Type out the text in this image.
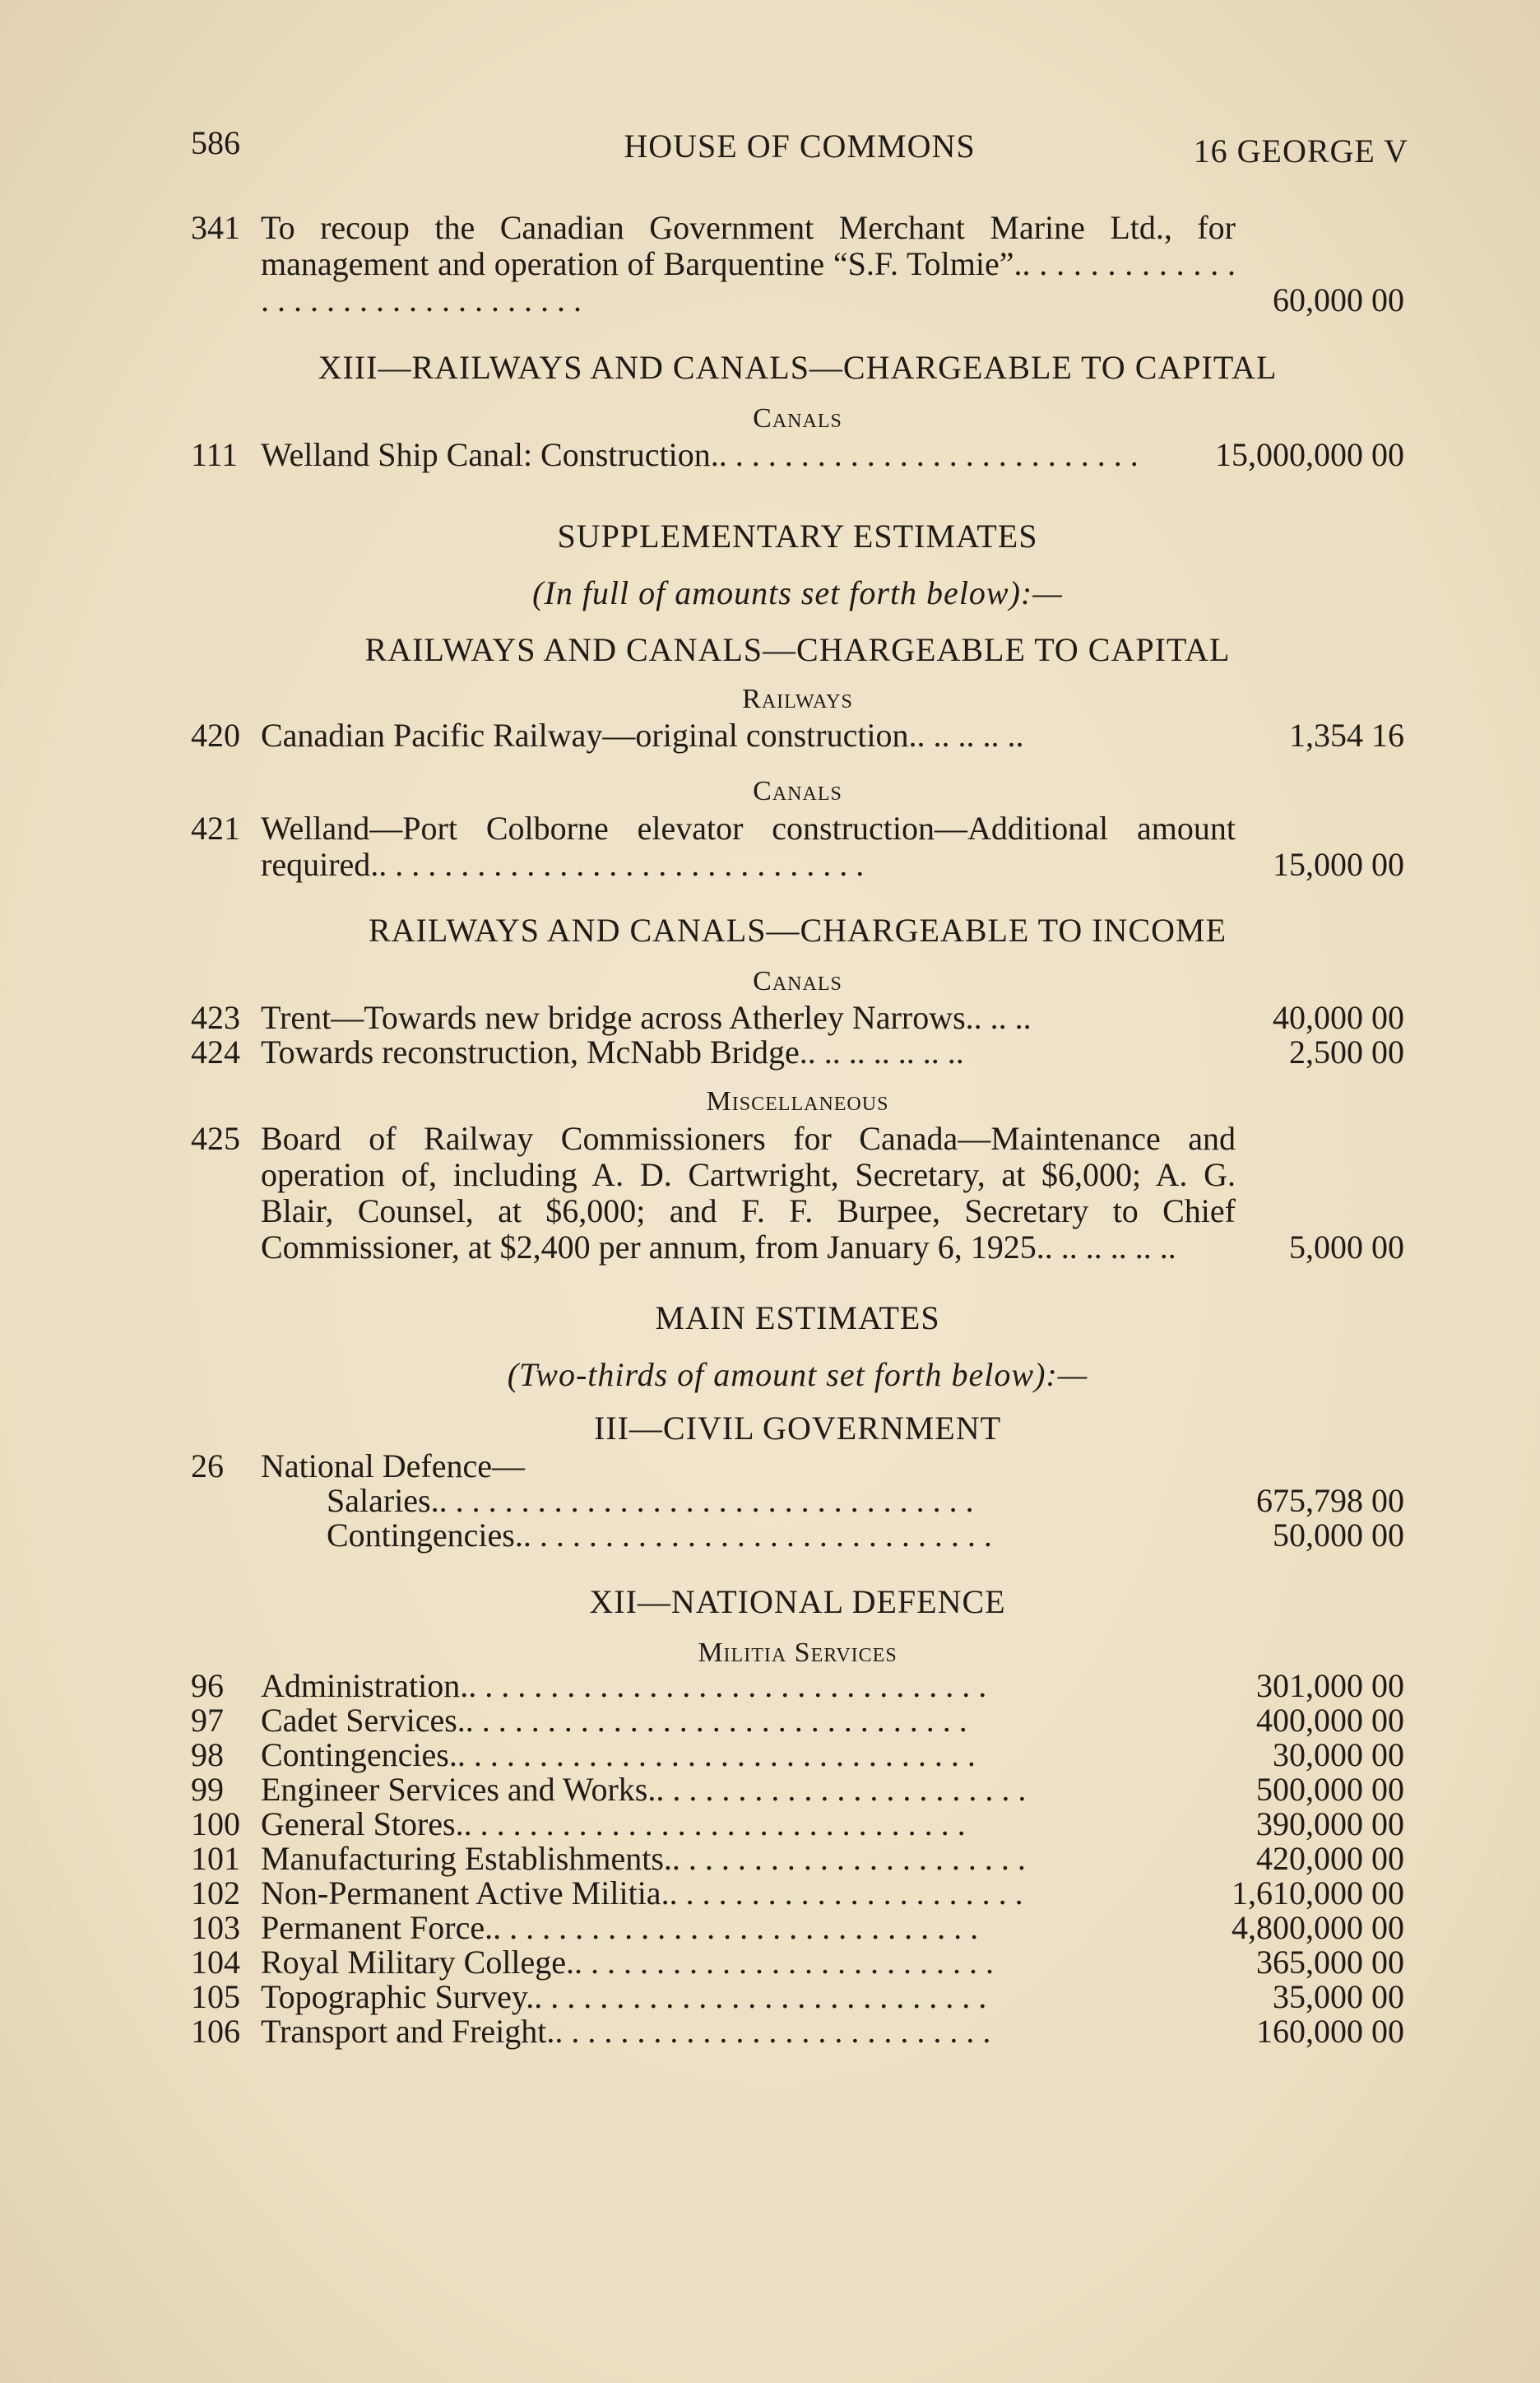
586	HOUSE OF COMMONS	16 GEORGE V
341 To recoup the Canadian Government Merchant Marine Ltd., for management and operation of Barquentine “S.F. Tolmie”.. . . . . . . . . . . . . . . . . . . . . . . . . . . . . . . . .	60,000 00
XIII—RAILWAYS AND CANALS—CHARGEABLE TO CAPITAL
Canals
111 Welland Ship Canal: Construction.. . . . . . . . . . . . . . . . . . . . . . . . . . 15,000,000 00
SUPPLEMENTARY ESTIMATES
(In full of amounts set forth below):—
RAILWAYS AND CANALS—CHARGEABLE TO CAPITAL
Railways
420 Canadian Pacific Railway—original construction.. .. .. .. ..	1,354 16
Canals
421 Welland—Port Colborne elevator construction—Additional amount required.. . . . . . . . . . . . . . . . . . . . . . . . . . . . . .	15,000 00
RAILWAYS AND CANALS—CHARGEABLE TO INCOME
Canals
423 Trent—Towards new bridge across Atherley Narrows.. .. ..	40,000 00
424 Towards reconstruction, McNabb Bridge.. .. .. .. .. .. ..	2,500 00
Miscellaneous
425 Board of Railway Commissioners for Canada—Maintenance and operation of, including A. D. Cartwright, Secretary, at $6,000; A. G. Blair, Counsel, at $6,000; and F. F. Burpee, Secretary to Chief Commissioner, at $2,400 per annum, from January 6, 1925.. .. .. .. .. ..	5,000 00
MAIN ESTIMATES
(Two-thirds of amount set forth below):—
III—CIVIL GOVERNMENT
26	National Defence—
Salaries.. . . . . . . . . . . . . . . . . . . . . . . . . . . . . . . . .	675,798 00
Contingencies.. . . . . . . . . . . . . . . . . . . . . . . . . . . . .	50,000 00
XII—NATIONAL DEFENCE
Militia Services
96	Administration.. . . . . . . . . . . . . . . . . . . . . . . . . . . . . . . .	301,000 00
97	Cadet Services.. . . . . . . . . . . . . . . . . . . . . . . . . . . . . . .	400,000 00
98	Contingencies.. . . . . . . . . . . . . . . . . . . . . . . . . . . . . . . .	30,000 00
99	Engineer Services and Works.. . . . . . . . . . . . . . . . . . . . . . .	500,000 00
100 General Stores.. . . . . . . . . . . . . . . . . . . . . . . . . . . . . . .	390,000 00
101 Manufacturing Establishments.. . . . . . . . . . . . . . . . . . . . . .	420,000 00
102 Non-Permanent Active Militia.. . . . . . . . . . . . . . . . . . . . . .	1,610,000 00
103 Permanent Force.. . . . . . . . . . . . . . . . . . . . . . . . . . . . . .	4,800,000 00
104 Royal Military College.. . . . . . . . . . . . . . . . . . . . . . . . . .	365,000 00
105 Topographic Survey.. . . . . . . . . . . . . . . . . . . . . . . . . . . .	35,000 00
106 Transport and Freight.. . . . . . . . . . . . . . . . . . . . . . . . . . .	160,000 00
